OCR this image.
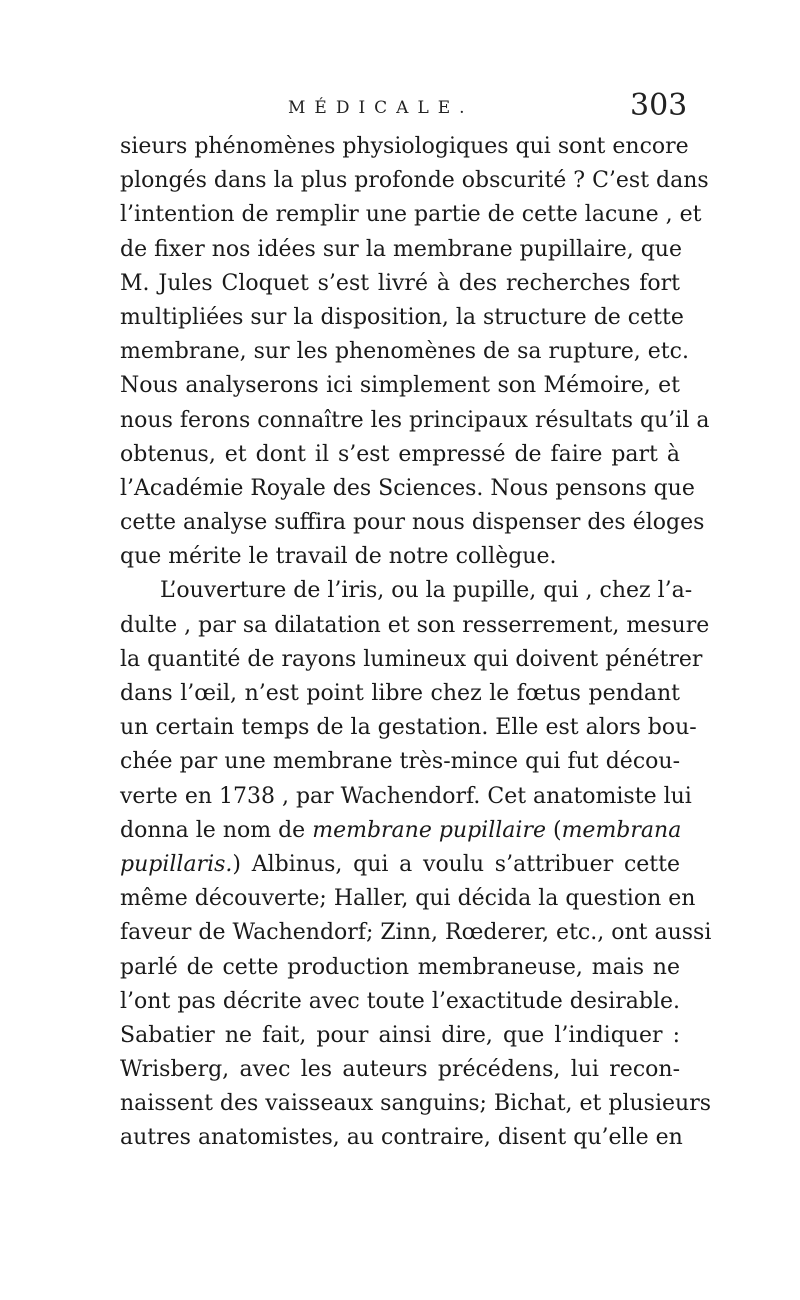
MÉDICALE.	303
sieurs phénomènes physiologiques qui sont encore
plongés dans la plus profonde obscurité ? C’est dans
l’intention de remplir une partie de cette lacune , et
de fixer nos idées sur la membrane pupillaire, que
M. Jules Cloquet s’est livré à des recherches fort
multipliées sur la disposition, la structure de cette
membrane, sur les phenomènes de sa rupture, etc.
Nous analyserons ici simplement son Mémoire, et
nous ferons connaître les principaux résultats qu’il a
obtenus, et dont il s’est empressé de faire part à
l’Académie Royale des Sciences. Nous pensons que
cette analyse suffira pour nous dispenser des éloges
que mérite le travail de notre collègue.
L’ouverture de l’iris, ou la pupille, qui , chez l’a-
dulte , par sa dilatation et son resserrement, mesure
la quantité de rayons lumineux qui doivent pénétrer
dans l’œil, n’est point libre chez le fœtus pendant
un certain temps de la gestation. Elle est alors bou-
chée par une membrane très-mince qui fut décou-
verte en 1738 , par Wachendorf. Cet anatomiste lui
donna le nom de membrane pupillaire (membrana
pupillaris.) Albinus, qui a voulu s’attribuer cette
même découverte; Haller, qui décida la question en
faveur de Wachendorf; Zinn, Rœderer, etc., ont aussi
parlé de cette production membraneuse, mais ne
l’ont pas décrite avec toute l’exactitude desirable.
Sabatier ne fait, pour ainsi dire, que l’indiquer :
Wrisberg, avec les auteurs précédens, lui recon-
naissent des vaisseaux sanguins; Bichat, et plusieurs
autres anatomistes, au contraire, disent qu’elle en
